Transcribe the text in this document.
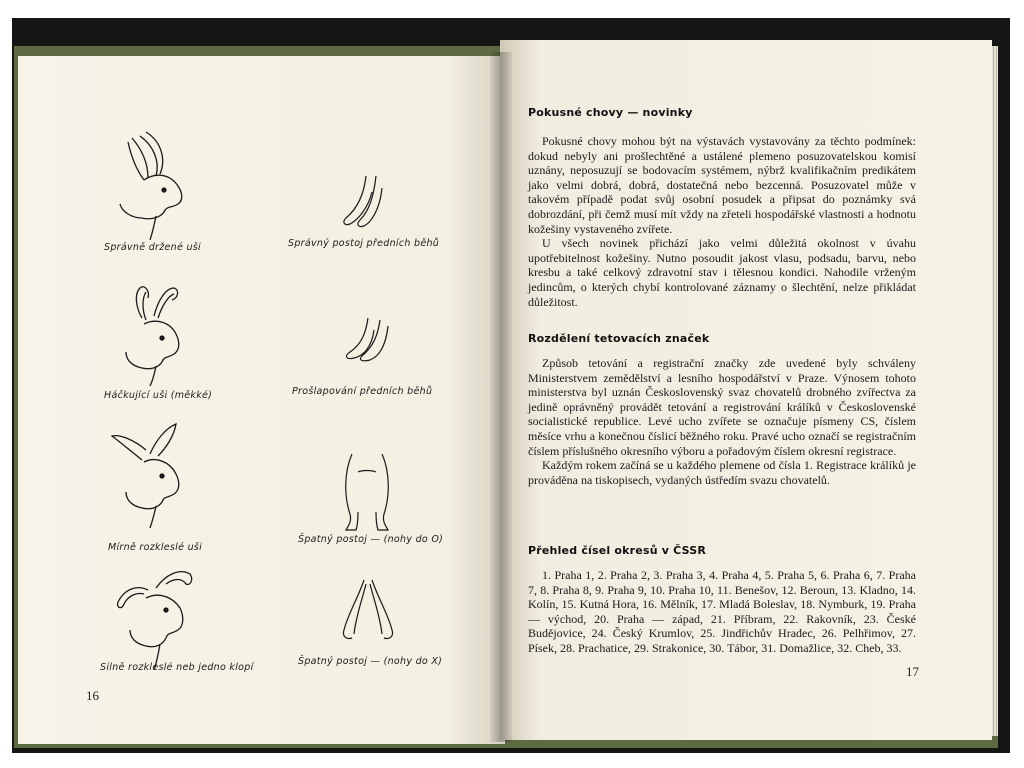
Správně držené uši	Správný postoj předních běhů
Háčkující uši (měkké)	Prošlapování předních běhů
Mírně rozkleslé uši
Špatný postoj — (nohy do O)
Silně rozkleslé neb jedno klopí
Špatný postoj — (nohy do X)
16
Pokusné chovy — novinky

Pokusné chovy mohou být na výstavách vystavovány za těchto podmínek: dokud nebyly ani prošlechtěné a ustálené plemeno posuzovatelskou komisí uznány, neposuzují se bodovacím systémem, nýbrž kvalifikačním predikátem jako velmi dobrá, dobrá, dostatečná nebo bezcenná. Posuzovatel může v takovém případě podat svůj osobní posudek a připsat do poznámky svá dobrozdání, při čemž musí mít vždy na zřeteli hospodářské vlastnosti a hodnotu kožešiny vystaveného zvířete.

U všech novinek přichází jako velmi důležitá okolnost v úvahu upotřebitelnost kožešiny. Nutno posoudit jakost vlasu, podsadu, barvu, nebo kresbu a také celkový zdravotní stav i tělesnou kondici. Nahodile vrženým jedincům, o kterých chybí kontrolované záznamy o šlechtění, nelze přikládat důležitost.

Rozdělení tetovacích značek

Způsob tetování a registrační značky zde uvedené byly schváleny Ministerstvem zemědělství a lesního hospodářství v Praze. Výnosem tohoto ministerstva byl uznán Československý svaz chovatelů drobného zvířectva za jedině oprávněný provádět tetování a registrování králíků v Československé socialistické republice. Levé ucho zvířete se označuje písmeny CS, číslem měsíce vrhu a konečnou číslicí běžného roku. Pravé ucho označí se registračním číslem příslušného okresního výboru a pořadovým číslem okresní registrace.

Každým rokem začíná se u každého plemene od čísla 1. Registrace králíků je prováděna na tiskopisech, vydaných ústředím svazu chovatelů.

Přehled čísel okresů v ČSSR

1. Praha 1, 2. Praha 2, 3. Praha 3, 4. Praha 4, 5. Praha 5, 6. Praha 6, 7. Praha 7, 8. Praha 8, 9. Praha 9, 10. Praha 10, 11. Benešov, 12. Beroun, 13. Kladno, 14. Kolín, 15. Kutná Hora, 16. Mělník, 17. Mladá Boleslav, 18. Nymburk, 19. Praha — východ, 20. Praha — západ, 21. Příbram, 22. Rakovník, 23. České Budějovice, 24. Český Krumlov, 25. Jindřichův Hradec, 26. Pelhřimov, 27. Písek, 28. Prachatice, 29. Strakonice, 30. Tábor, 31. Domažlice, 32. Cheb, 33.

17
